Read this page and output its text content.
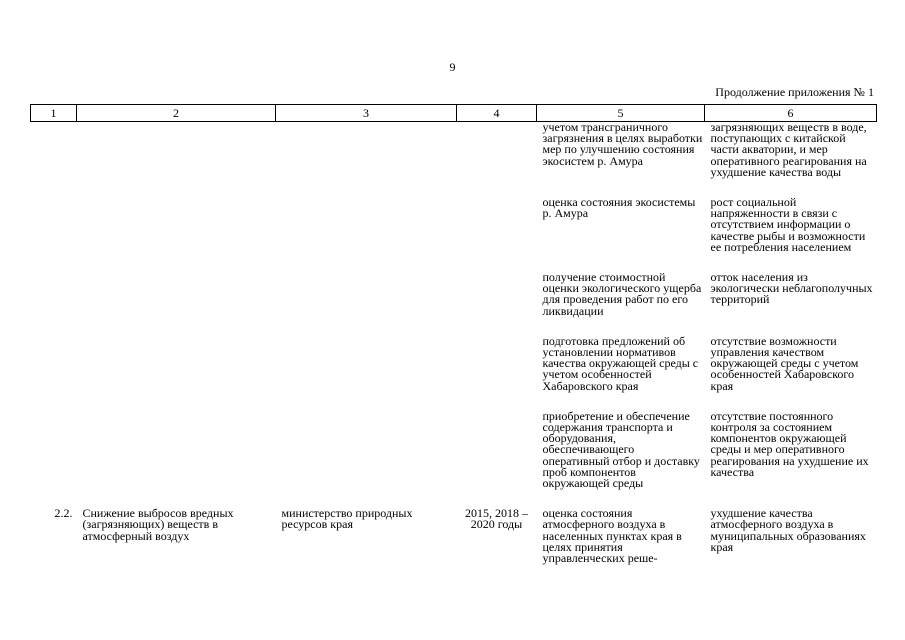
9
Продолжение приложения № 1
1	2	3	4	5	6
				учетом трансграничного загрязнения в целях выработки мер по улучшению состояния экосистем р. Амура	загрязняющих веществ в воде, поступающих с китайской части акватории, и мер оперативного реагирования на ухудшение качества воды

				оценка состояния экосистемы р. Амура	рост социальной напряженности в связи с отсутствием информации о качестве рыбы и возможности ее потребления населением

				получение стоимостной оценки экологического ущерба для проведения работ по его ликвидации	отток населения из экологически неблагополучных территорий

				подготовка предложений об установлении нормативов качества окружающей среды с учетом особенностей Хабаровского края	отсутствие возможности управления качеством окружающей среды с учетом особенностей Хабаровского края

				приобретение и обеспечение содержания транспорта и оборудования, обеспечивающего оперативный отбор и доставку проб компонентов окружающей среды	отсутствие постоянного контроля за состоянием компонентов окружающей среды и мер оперативного реагирования на ухудшение их качества

2.2.	Снижение выбросов вредных (загрязняющих) веществ в атмосферный воздух	министерство природных ресурсов края	2015, 2018 – 2020 годы	оценка состояния атмосферного воздуха в населенных пунктах края в целях принятия управленческих реше-	ухудшение качества атмосферного воздуха в муниципальных образованиях края
